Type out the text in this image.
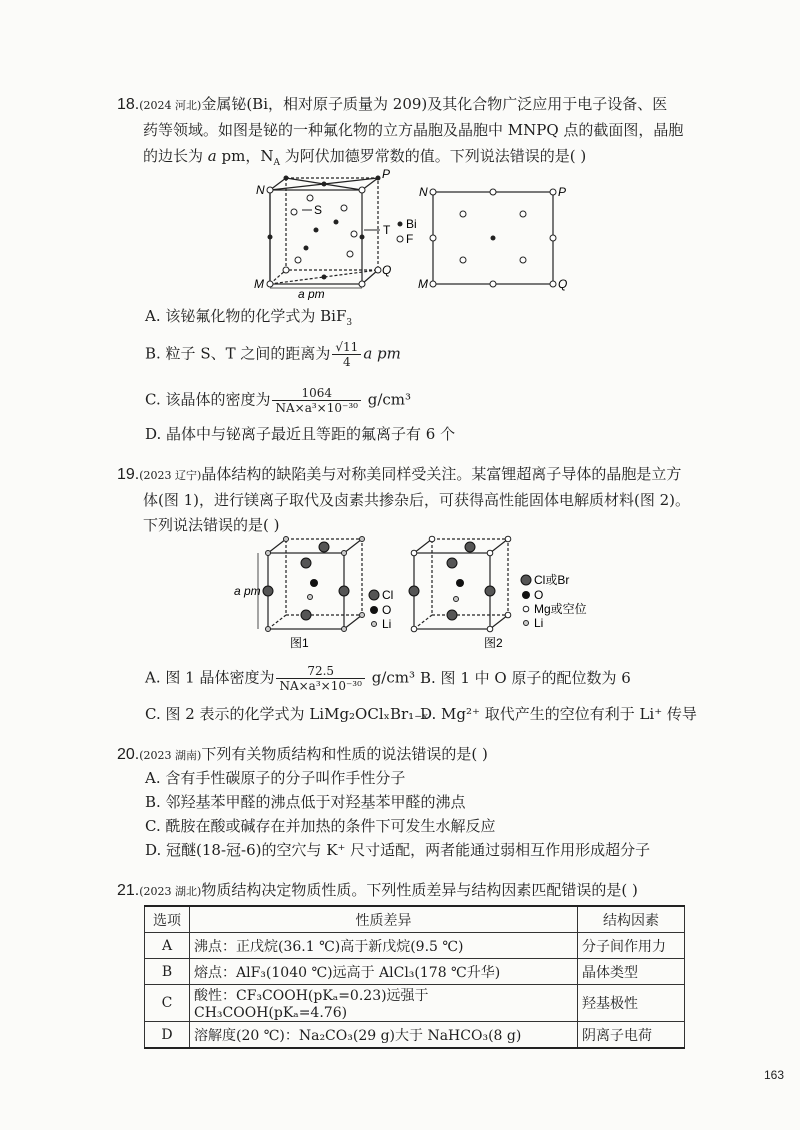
18.(2024 河北)金属铋(Bi，相对原子质量为 209)及其化合物广泛应用于电子设备、医
药等领域。如图是铋的一种氟化物的立方晶胞及晶胞中 MNPQ 点的截面图，晶胞
的边长为 a pm，$N_A$ 为阿伏加德罗常数的值。下列说法错误的是( )
N
P
M
Q
S
T Bi
F
a pm
N	P
M	Q
A. 该铋氟化物的化学式为 BiF$_3$
B. 粒子 S、T 之间的距离为 $\frac{√11}{4}$ a pm
C. 该晶体的密度为 $\frac{1064}{\text{NA×a³×10⁻³⁰}} g/cm^3$
D. 晶体中与铋离子最近且等距的氟离子有 6 个
19.(2023 辽宁)晶体结构的缺陷美与对称美同样受关注。某富锂超离子导体的晶胞是立方
体(图 1)，进行镁离子取代及卤素共掺杂后，可获得高性能固体电解质材料(图 2)。
下列说法错误的是( )
a pm	Cl
O
Li
图1
Cl或Br
O
Mg或空位
Li
图2
A. 图 1 晶体密度为 $\frac{72.5}{\text{NA×a³×10⁻³⁰}} g/cm^3$ B. 图 1 中 O 原子的配位数为 6
C. 图 2 表示的化学式为 LiMg₂OClₓBr₁₋ₓ
D. Mg²⁺ 取代产生的空位有利于 Li⁺ 传导
20.(2023 湖南)下列有关物质结构和性质的说法错误的是( )
A. 含有手性碳原子的分子叫作手性分子
B. 邻羟基苯甲醛的沸点低于对羟基苯甲醛的沸点
C. 酰胺在酸或碱存在并加热的条件下可发生水解反应
D. 冠醚(18-冠-6)的空穴与 K⁺ 尺寸适配，两者能通过弱相互作用形成超分子
21.(2023 湖北)物质结构决定物质性质。下列性质差异与结构因素匹配错误的是( )
选项	性质差异	结构因素
A	沸点：正戊烷(36.1 ℃)高于新戊烷(9.5 ℃)	分子间作用力
B	熔点：AlF₃(1040 ℃)远高于 AlCl₃(178 ℃升华)	晶体类型
C	酸性：CF₃COOH(pKₐ=0.23)远强于 CH₃COOH(pKₐ=4.76)	羟基极性
D	溶解度(20 ℃)：Na₂CO₃(29 g)大于 NaHCO₃(8 g)	阴离子电荷
163
